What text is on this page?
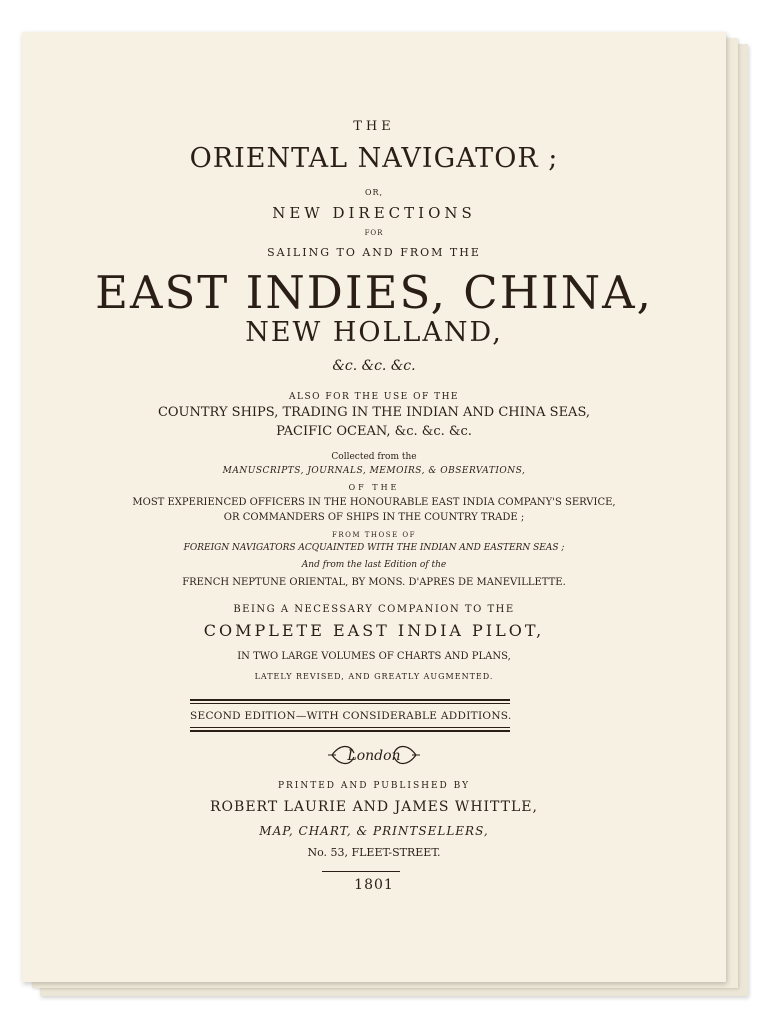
THE
ORIENTAL NAVIGATOR ;
OR,
NEW DIRECTIONS
FOR
SAILING TO AND FROM THE
EAST INDIES, CHINA,
NEW HOLLAND,
&c. &c. &c.
ALSO FOR THE USE OF THE
COUNTRY SHIPS, TRADING IN THE INDIAN AND CHINA SEAS,
PACIFIC OCEAN, &c. &c. &c.
Collected from the
MANUSCRIPTS, JOURNALS, MEMOIRS, & OBSERVATIONS,
OF THE
MOST EXPERIENCED OFFICERS IN THE HONOURABLE EAST INDIA COMPANY'S SERVICE,
OR COMMANDERS OF SHIPS IN THE COUNTRY TRADE ;
FROM THOSE OF
FOREIGN NAVIGATORS ACQUAINTED WITH THE INDIAN AND EASTERN SEAS ;
And from the last Edition of the
FRENCH NEPTUNE ORIENTAL, BY MONS. D'APRES DE MANEVILLETTE.
BEING A NECESSARY COMPANION TO THE
COMPLETE EAST INDIA PILOT,
IN TWO LARGE VOLUMES OF CHARTS AND PLANS,
LATELY REVISED, AND GREATLY AUGMENTED.
SECOND EDITION—WITH CONSIDERABLE ADDITIONS.
London
PRINTED AND PUBLISHED BY
ROBERT LAURIE AND JAMES WHITTLE,
MAP, CHART, & PRINTSELLERS,
No. 53, FLEET-STREET.
1801
